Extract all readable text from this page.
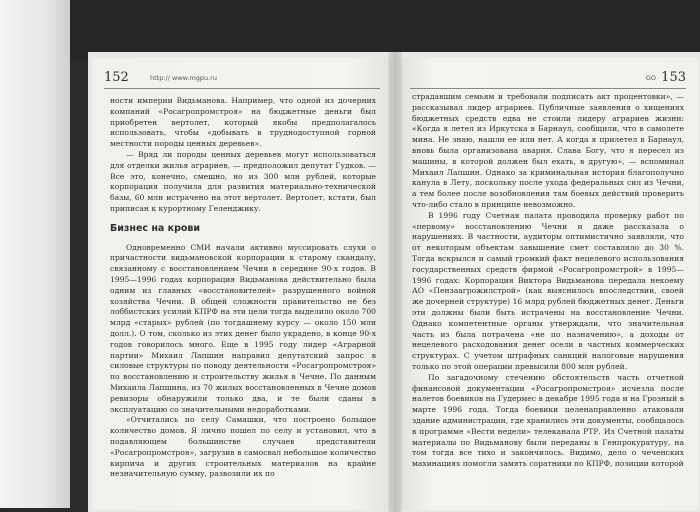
152	http:// www.mgpu.ru

ности империи Видьманова. Например, что одной из дочерних компаний «Росагропромстроя» на бюджетные деньги был приобретен вертолет, который якобы предполагалось использовать, чтобы «добывать в труднодоступной горной местности породы ценных деревьев».

— Вряд ли породы ценных деревьев могут использоваться для отделки жилья аграриев, — предположил депутат Гудков. — Все это, конечно, смешно, но из 300 млн рублей, которые корпорация получила для развития материально-технической базы, 60 млн истрачено на этот вертолет. Вертолет, кстати, был приписан к курортному Геленджику.

Бизнес на крови

Одновременно СМИ начали активно муссировать слухи о причастности видьмановской корпорации к старому скандалу, связанному с восстановлением Чечни в середине 90-х годов. В 1995—1996 годах корпорация Видьманова действительно была одним из главных «восстановителей» разрушенного войной хозяйства Чечни. В общей сложности правительство не без лоббистских усилий КПРФ на эти цели тогда выделило около 700 млрд «старых» рублей (по тогдашнему курсу — около 150 млн долл.). О том, сколько из этих денег было украдено, в конце 90-х годов говорилось много. Еще в 1995 году лидер «Аграрной партии» Михаил Лапшин направил депутатский запрос в силовые структуры по поводу деятельности «Росагропромстроя» по восстановлению и строительству жилья в Чечне. По данным Михаила Лапшина, из 70 жилых восстановленных в Чечне домов ревизоры обнаружили только два, и те были сданы в эксплуатацию со значительными недоработками.

«Отчитались по селу Самашки, что построено большое количество домов. Я лично пошел по селу и установил, что в подавляющем большинстве случаев представители «Росагропромстроя», загрузив в самосвал небольшое количество кирпича и других строительных материалов на крайне незначительную сумму, развозили их по

GO 153

страдавшим семьям и требовали подписать акт процентовки», — рассказывал лидер аграриев. Публичные заявления о хищениях бюджетных средств едва не стоили лидеру аграриев жизни: «Когда я летел из Иркутска в Барнаул, сообщили, что в самолете мина. Не знаю, нашли ее или нет. А когда я прилетел в Барнаул, вновь была организована авария. Слава Богу, что я пересел из машины, в которой должен был ехать, в другую», — вспоминал Михаил Лапшин. Однако за криминальная история благополучно канула в Лету, поскольку после ухода федеральных сил из Чечни, а тем более после возобновления там боевых действий проверить что-либо стало в принципе невозможно.

В 1996 году Счетная палата проводила проверку работ по «первому» восстановлению Чечни и даже рассказала о нарушениях. В частности, аудиторы оптимистично заявляли, что от некоторым объектам завышение смет составляло до 30 %. Тогда вскрылся и самый громкий факт нецелевого использования государственных средств фирмой «Росагропромстрой» в 1995—1996 годах: Корпорация Виктора Видьманова передала некоему АО «Пензаагрожилстрой» (как выяснилось впоследствии, своей же дочерней структуре) 16 млрд рублей бюджетных денег. Деньги эти должны были быть истрачены на восстановление Чечни. Однако компетентные органы утверждали, что значительная часть из была потрачена «не по назначению», а доходы от нецелевого расходования денег осели в частных коммерческих структурах. С учетом штрафных санкций налоговые нарушения только по этой операции превысили 800 млн рублей.

По загадочному стечению обстоятельств часть отчетной финансовой документации «Росагропромстроя» исчезла после налетов боевиков на Гудермес в декабре 1995 года и на Грозный в марте 1996 года. Тогда боевики целенаправленно атаковали здание администрации, где хранились эти документы, сообщалось в программе «Вести недели» телеканала РТР. Из Счетной палаты материалы по Видьманову были переданы в Генпрокуратуру, на том тогда все тихо и закончилось. Видимо, дело о чеченских махинациях помогли замять соратники по КПРФ, позиции которой
